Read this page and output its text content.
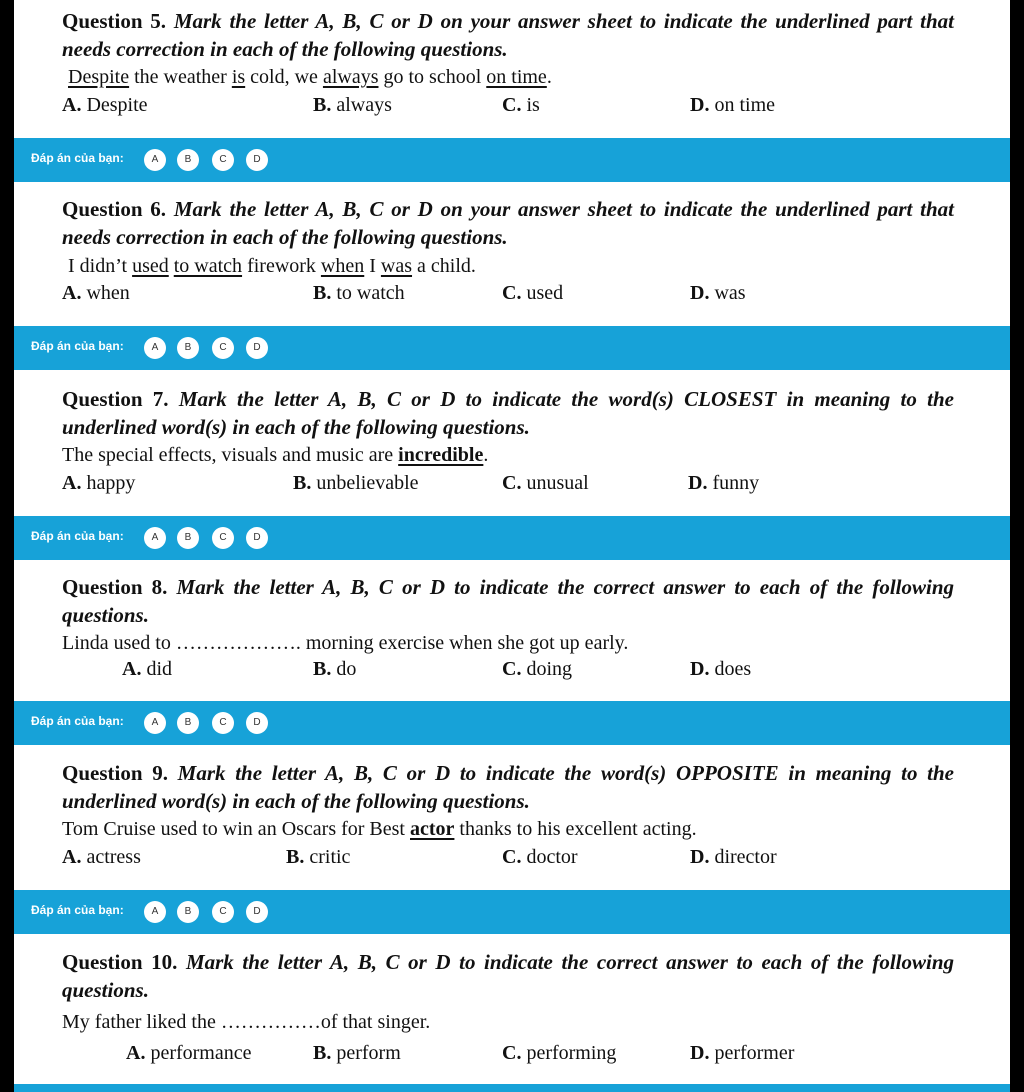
Question 5. Mark the letter A, B, C or D on your answer sheet to indicate the underlined part that needs correction in each of the following questions.
Despite the weather is cold, we always go to school on time.
A. Despite	B. always	C. is	D. on time
Đáp án của bạn:	A	B	C	D
Question 6. Mark the letter A, B, C or D on your answer sheet to indicate the underlined part that needs correction in each of the following questions.
I didn’t used to watch firework when I was a child.
A. when	B. to watch	C. used	D. was
Đáp án của bạn:	A	B	C	D
Question 7. Mark the letter A, B, C or D to indicate the word(s) CLOSEST in meaning to the underlined word(s) in each of the following questions.
The special effects, visuals and music are incredible.
A. happy	B. unbelievable	C. unusual	D. funny
Đáp án của bạn:	A	B	C	D
Question 8. Mark the letter A, B, C or D to indicate the correct answer to each of the following questions.
Linda used to ………………. morning exercise when she got up early.
A. did	B. do	C. doing	D. does
Đáp án của bạn:	A	B	C	D
Question 9. Mark the letter A, B, C or D to indicate the word(s) OPPOSITE in meaning to the underlined word(s) in each of the following questions.
Tom Cruise used to win an Oscars for Best actor thanks to his excellent acting.
A. actress	B. critic	C. doctor	D. director
Đáp án của bạn:	A	B	C	D
Question 10. Mark the letter A, B, C or D to indicate the correct answer to each of the following questions.
My father liked the ……………of that singer.
A. performance	B. perform	C. performing	D. performer
